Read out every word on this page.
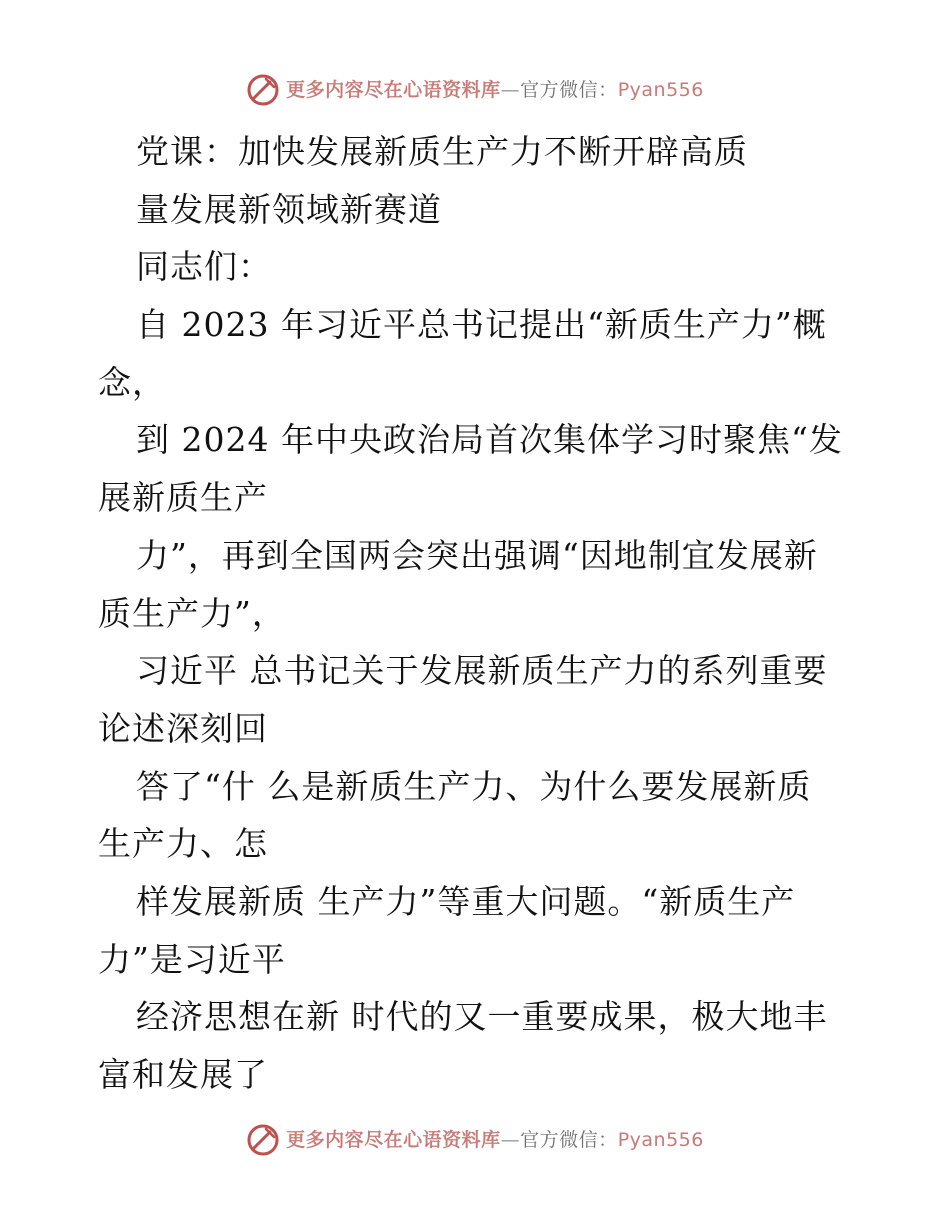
更多内容尽在心语资料库—官方微信：Pyan556
党课：加快发展新质生产力不断开辟高质
量发展新领域新赛道
同志们：
自 2023 年习近平总书记提出“新质生产力”概
念，
到 2024 年中央政治局首次集体学习时聚焦“发
展新质生产
力”，再到全国两会突出强调“因地制宜发展新
质生产力”，
习近平 总书记关于发展新质生产力的系列重要
论述深刻回
答了“什 么是新质生产力、为什么要发展新质
生产力、怎
样发展新质 生产力”等重大问题。“新质生产
力”是习近平
经济思想在新 时代的又一重要成果，极大地丰
富和发展了
更多内容尽在心语资料库—官方微信：Pyan556
